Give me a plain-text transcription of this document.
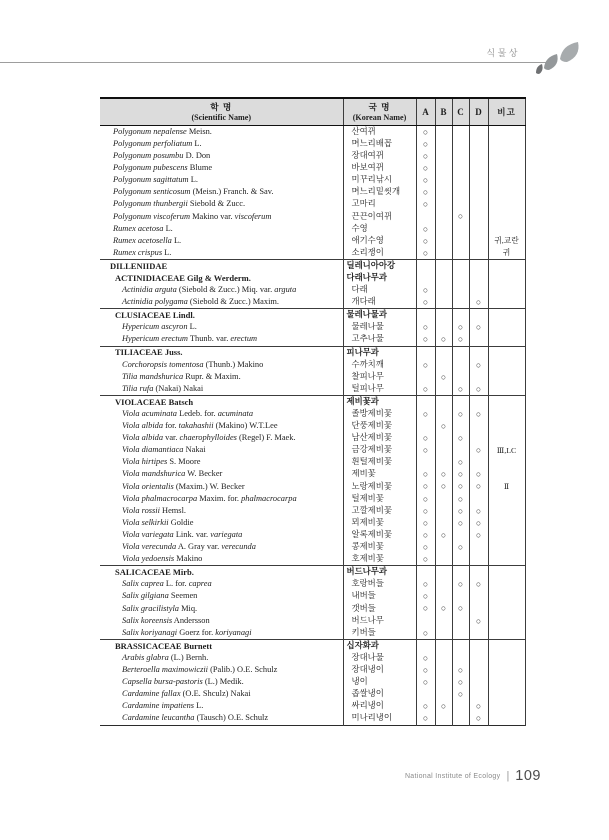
식물상
학 명
(Scientific Name)

국 명
(Korean Name)	A	B	C	D	비고
Polygonum nepalense Meisn.	산여뀌	○				
Polygonum perfoliatum L.	며느리배꼽	○				
Polygonum posumbu D. Don	장대여뀌	○				
Polygonum pubescens Blume	바보여뀌	○				
Polygonum sagittatum L.	미꾸리낚시	○				
Polygonum senticosum (Meisn.) Franch. & Sav.	며느리밑씻개	○				
Polygonum thunbergii Siebold & Zucc.	고마리	○				
Polygonum viscoferum Makino var. viscoferum	끈끈이여뀌			○		
Rumex acetosa L.	수영	○				
Rumex acetosella L.	애기수영	○				귀,교란
Rumex crispus L.	소리쟁이	○				귀
DILLENIIDAE	딜레니아아강					
ACTINIDIACEAE Gilg & Werderm.	다래나무과					
Actinidia arguta (Siebold & Zucc.) Miq. var. arguta	다래	○				
Actinidia polygama (Siebold & Zucc.) Maxim.	개다래	○			○	
CLUSIACEAE Lindl.	물레나물과					
Hypericum ascyron L.	물레나물	○		○	○	
Hypericum erectum Thunb. var. erectum	고추나물	○	○	○		
TILIACEAE Juss.	피나무과					
Corchoropsis tomentosa (Thunb.) Makino	수까치깨	○			○	
Tilia mandshurica Rupr. & Maxim.	찰피나무		○			
Tilia rufa (Nakai) Nakai	털피나무	○		○	○	
VIOLACEAE Batsch	제비꽃과					
Viola acuminata Ledeb. for. acuminata	졸방제비꽃	○		○	○	
Viola albida for. takahashii (Makino) W.T.Lee	단풍제비꽃		○			
Viola albida var. chaerophylloides (Regel) F. Maek.	남산제비꽃	○		○		
Viola diamantiaca Nakai	금강제비꽃	○			○	Ⅲ,LC
Viola hirtipes S. Moore	흰털제비꽃			○		
Viola mandshurica W. Becker	제비꽃	○	○	○	○	
Viola orientalis (Maxim.) W. Becker	노랑제비꽃	○	○	○	○	Ⅱ
Viola phalmacrocarpa Maxim. for. phalmacrocarpa	털제비꽃	○		○		
Viola rossii Hemsl.	고깔제비꽃	○		○	○	
Viola selkirkii Goldie	뫼제비꽃	○		○	○	
Viola variegata Link. var. variegata	알록제비꽃	○	○		○	
Viola verecunda A. Gray var. verecunda	콩제비꽃	○		○		
Viola yedoensis Makino	호제비꽃	○				
SALICACEAE Mirb.	버드나무과					
Salix caprea L. for. caprea	호랑버들	○		○	○	
Salix gilgiana Seemen	내버들	○				
Salix gracilistyla Miq.	갯버들	○	○	○		
Salix koreensis Andersson	버드나무				○	
Salix koriyanagi Goerz for. koriyanagi	키버들	○				
BRASSICACEAE Burnett	십자화과					
Arabis glabra (L.) Bernh.	장대나물	○				
Berteroella maximowiczii (Palib.) O.E. Schulz	장대냉이	○		○		
Capsella bursa-pastoris (L.) Medik.	냉이	○		○		
Cardamine fallax (O.E. Shculz) Nakai	좁쌀냉이			○		
Cardamine impatiens L.	싸리냉이	○	○		○	
Cardamine leucantha (Tausch) O.E. Schulz	미나리냉이	○			○	
National Institute of Ecology | 109
